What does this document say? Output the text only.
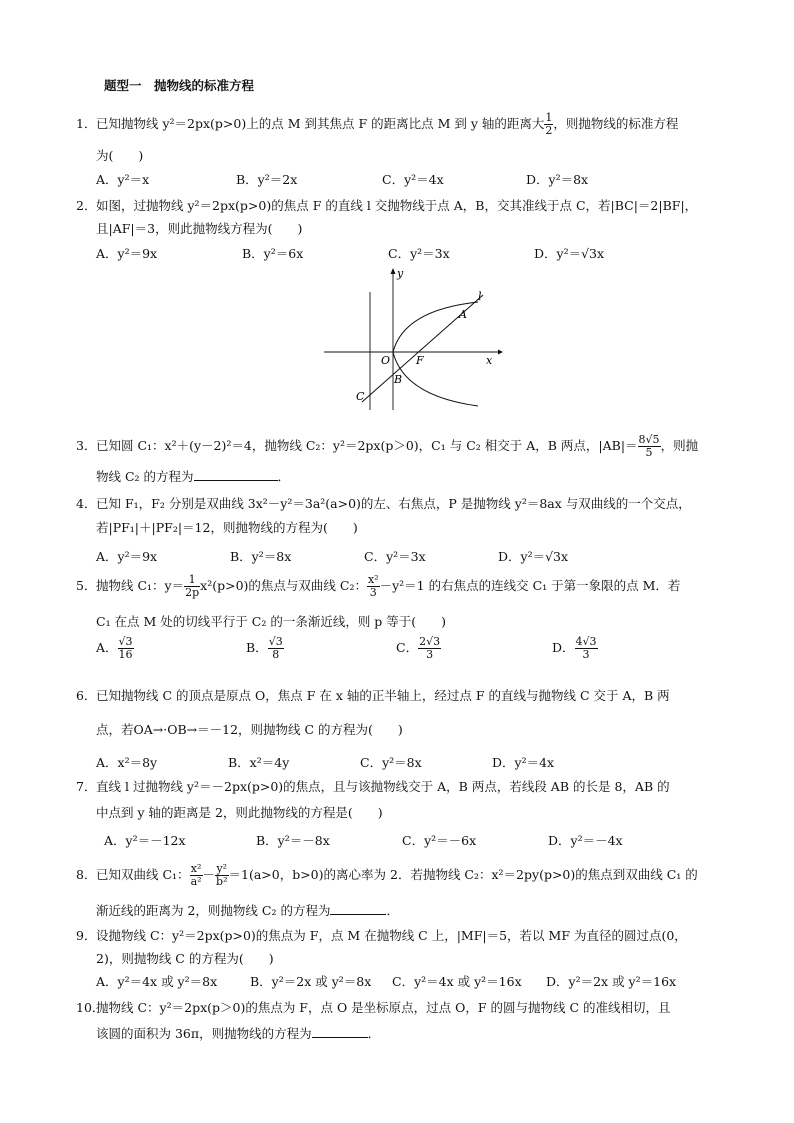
题型一　抛物线的标准方程
1．已知抛物线 y²＝2px(p>0)上的点 M 到其焦点 F 的距离比点 M 到 y 轴的距离大 $\frac{1}{2}$ ，则抛物线的标准方程
为(　　)
A．y²＝x	B．y²＝2x	C．y²＝4x	D．y²＝8x
2．如图，过抛物线 y²＝2px(p>0)的焦点 F 的直线 l 交抛物线于点 A，B，交其准线于点 C，若|BC|＝2|BF|，
且|AF|＝3，则此抛物线方程为(　　)
A．y²＝9x	B．y²＝6x	C．y²＝3x	D．y²＝√3x
y
x
l
A
O F
B
C
3．已知圆 C₁：x²＋(y－2)²＝4，抛物线 C₂：y²＝2px(p＞0)，C₁ 与 C₂ 相交于 A，B 两点，$|AB|= \frac{8√5}{5}$ ，则抛
物线 C₂ 的方程为	．
4．已知 F₁，F₂ 分别是双曲线 3x²－y²＝3a²(a>0)的左、右焦点，P 是抛物线 y²＝8ax 与双曲线的一个交点，
若|PF₁|＋|PF₂|＝12，则抛物线的方程为(　　)
A．y²＝9x	B．y²＝8x	C．y²＝3x	D．y²＝√3x
5．抛物线 C₁：$y= \frac{1}{2p} x^2(p>0)$的焦点与双曲线 C₂： $\frac{\text{x²}}{3} -y^2=1$ 的右焦点的连线交 C₁ 于第一象限的点 M．若
C₁ 在点 M 处的切线平行于 C₂ 的一条渐近线，则 p 等于(　　)
A． $\frac{√3}{16}$	B． $\frac{√3}{8}$	C． $\frac{2√3}{3}$	D． $\frac{4√3}{3}$
6．已知抛物线 C 的顶点是原点 O，焦点 F 在 x 轴的正半轴上，经过点 F 的直线与抛物线 C 交于 A，B 两
点，若OA→·OB→＝－12，则抛物线 C 的方程为(　　)
A．x²＝8y	B．x²＝4y	C．y²＝8x	D．y²＝4x
7．直线 l 过抛物线 y²＝－2px(p>0)的焦点，且与该抛物线交于 A，B 两点，若线段 AB 的长是 8，AB 的
中点到 y 轴的距离是 2，则此抛物线的方程是(　　)
A．y²＝－12x	B．y²＝－8x	C．y²＝－6x	D．y²＝－4x
8．已知双曲线 C₁： $\frac{\text{x²}}{\text{a²}} - \frac{\text{y²}}{\text{b²}} =1(a>0$，b>0)的离心率为 2．若抛物线 C₂：x²＝2py(p>0)的焦点到双曲线 C₁ 的
渐近线的距离为 2，则抛物线 C₂ 的方程为	．
9．设抛物线 C：y²＝2px(p>0)的焦点为 F，点 M 在抛物线 C 上，|MF|＝5，若以 MF 为直径的圆过点(0，
2)，则抛物线 C 的方程为(　　)
A．y²＝4x 或 y²＝8x	B．y²＝2x 或 y²＝8x C．y²＝4x 或 y²＝16x D．y²＝2x 或 y²＝16x
10．抛物线 C：y²＝2px(p＞0)的焦点为 F，点 O 是坐标原点，过点 O，F 的圆与抛物线 C 的准线相切，且
该圆的面积为 36π，则抛物线的方程为	．
